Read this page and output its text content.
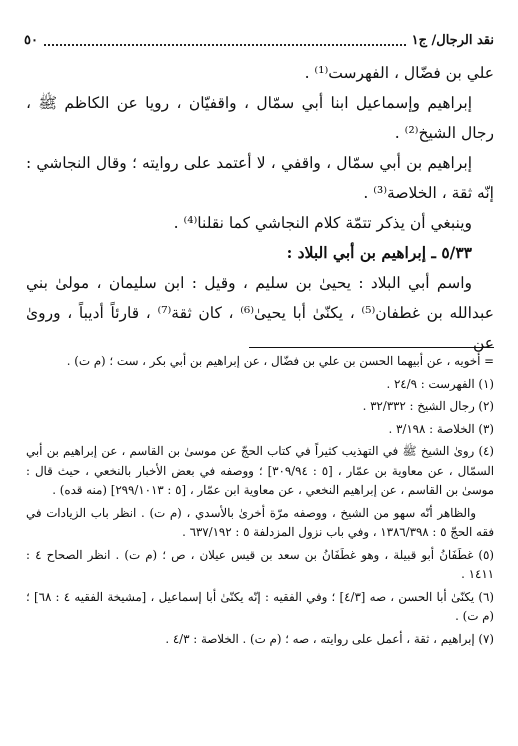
نقد الرجال/ ج١
٥٠

علي بن فضّال ، الفهرست⁽¹⁾ .

إبراهيم وإسماعيل ابنا أبي سمّال ، واقفيّان ، رويا عن الكاظم ﷺ ، رجال الشيخ⁽²⁾ .

إبراهيم بن أبي سمّال ، واقفي ، لا أعتمد على روايته ؛ وقال النجاشي : إنّه ثقة ، الخلاصة⁽³⁾ .

وينبغي أن يذكر تتمّة كلام النجاشي كما نقلنا⁽⁴⁾ .

٥/٣٣ ـ إبراهيم بن أبي البلاد :

واسم أبي البلاد : يحيىٰ بن سليم ، وقيل : ابن سليمان ، مولىٰ بني عبدالله بن غطفان⁽⁵⁾ ، يكنّىٰ أبا يحيىٰ⁽⁶⁾ ، كان ثقة⁽⁷⁾ ، قارئاً أديباً ، وروىٰ عن

= أخويه ، عن أبيهما الحسن بن علي بن فضّال ، عن إبراهيم بن أبي بكر ، ست ؛ (م ت) .

(١) الفهرست : ٢٤/٩ .

(٢) رجال الشيخ : ٣٢/٣٣٢ .

(٣) الخلاصة : ٣/١٩٨ .

(٤) روىٰ الشيخ ﷺ في التهذيب كثيراً في كتاب الحجّ عن موسىٰ بن القاسم ، عن إبراهيم بن أبي السمّال ، عن معاوية بن عمّار ، [٥ : ٣٠٩/٩٤] ؛ ووصفه في بعض الأخبار بالنخعي ، حيث قال : موسىٰ بن القاسم ، عن إبراهيم النخعي ، عن معاوية ابن عمّار ، [٥ : ٢٩٩/١٠١٣] (منه قده) .

والظاهر أنّه سهو من الشيخ ، ووصفه مرّة أخرىٰ بالأسدي ، (م ت) . انظر باب الزيادات في فقه الحجّ ٥ : ١٣٨٦/٣٩٨ ، وفي باب نزول المزدلفة ٥ : ٦٣٧/١٩٢ .

(٥) غطَفَانُ أبو قبيلة ، وهو غطَفَانُ بن سعد بن قيس عيلان ، ص ؛ (م ت) . انظر الصحاح ٤ : ١٤١١ .

(٦) يكنّىٰ أبا الحسن ، صه [٤/٣] ؛ وفي الفقيه : إنّه يكنّىٰ أبا إسماعيل ، [مشيخة الفقيه ٤ : ٦٨] ؛ (م ت) .

(٧) إبراهيم ، ثقة ، أعمل على روايته ، صه ؛ (م ت) . الخلاصة : ٤/٣ .
